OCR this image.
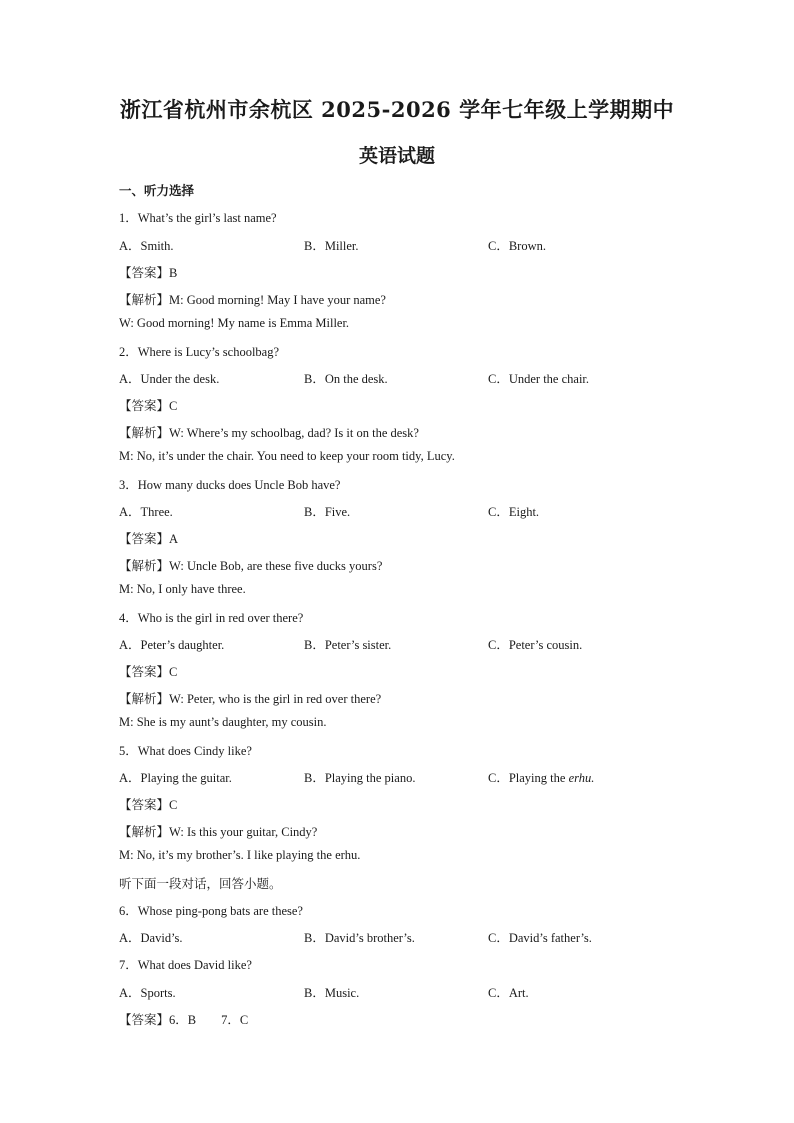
浙江省杭州市余杭区 2025-2026 学年七年级上学期期中
英语试题
一、听力选择
1．What’s the girl’s last name?
A．Smith.	B．Miller.	C．Brown.
【答案】B
【解析】M: Good morning! May I have your name?
W: Good morning! My name is Emma Miller.
2．Where is Lucy’s schoolbag?
A．Under the desk.	B．On the desk.	C．Under the chair.
【答案】C
【解析】W: Where’s my schoolbag, dad? Is it on the desk?
M: No, it’s under the chair. You need to keep your room tidy, Lucy.
3．How many ducks does Uncle Bob have?
A．Three.	B．Five.	C．Eight.
【答案】A
【解析】W: Uncle Bob, are these five ducks yours?
M: No, I only have three.
4．Who is the girl in red over there?
A．Peter’s daughter.	B．Peter’s sister.	C．Peter’s cousin.
【答案】C
【解析】W: Peter, who is the girl in red over there?
M: She is my aunt’s daughter, my cousin.
5．What does Cindy like?
A．Playing the guitar.	B．Playing the piano.	C．Playing the erhu.
【答案】C
【解析】W: Is this your guitar, Cindy?
M: No, it’s my brother’s. I like playing the erhu.
听下面一段对话，回答小题。
6．Whose ping-pong bats are these?
A．David’s.	B．David’s brother’s.	C．David’s father’s.
7．What does David like?
A．Sports.	B．Music.	C．Art.
【答案】6．B　　7．C
